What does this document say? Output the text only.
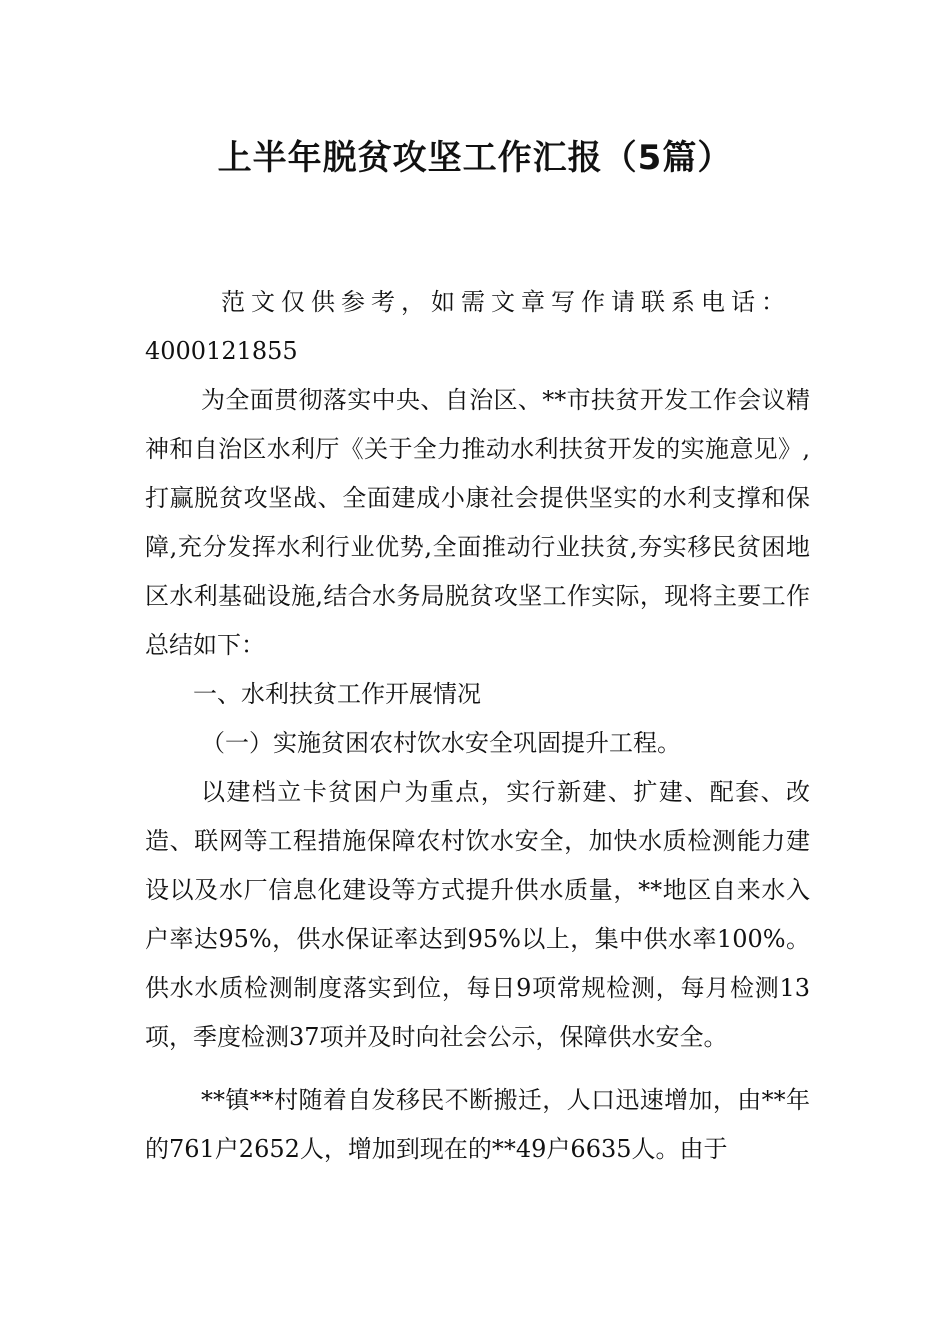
上半年脱贫攻坚工作汇报（5篇）

范文仅供参考，如需文章写作请联系电话：

4000121855

为全面贯彻落实中央、自治区、**市扶贫开发工作会议精神和自治区水利厅《关于全力推动水利扶贫开发的实施意见》,打赢脱贫攻坚战、全面建成小康社会提供坚实的水利支撑和保障,充分发挥水利行业优势,全面推动行业扶贫,夯实移民贫困地区水利基础设施,结合水务局脱贫攻坚工作实际，现将主要工作总结如下：

一、水利扶贫工作开展情况

（一）实施贫困农村饮水安全巩固提升工程。

以建档立卡贫困户为重点，实行新建、扩建、配套、改造、联网等工程措施保障农村饮水安全，加快水质检测能力建设以及水厂信息化建设等方式提升供水质量，**地区自来水入户率达95%，供水保证率达到95%以上，集中供水率100%。供水水质检测制度落实到位，每日9项常规检测，每月检测13项，季度检测37项并及时向社会公示，保障供水安全。

**镇**村随着自发移民不断搬迁，人口迅速增加，由**年的761户2652人，增加到现在的**49户6635人。由于
